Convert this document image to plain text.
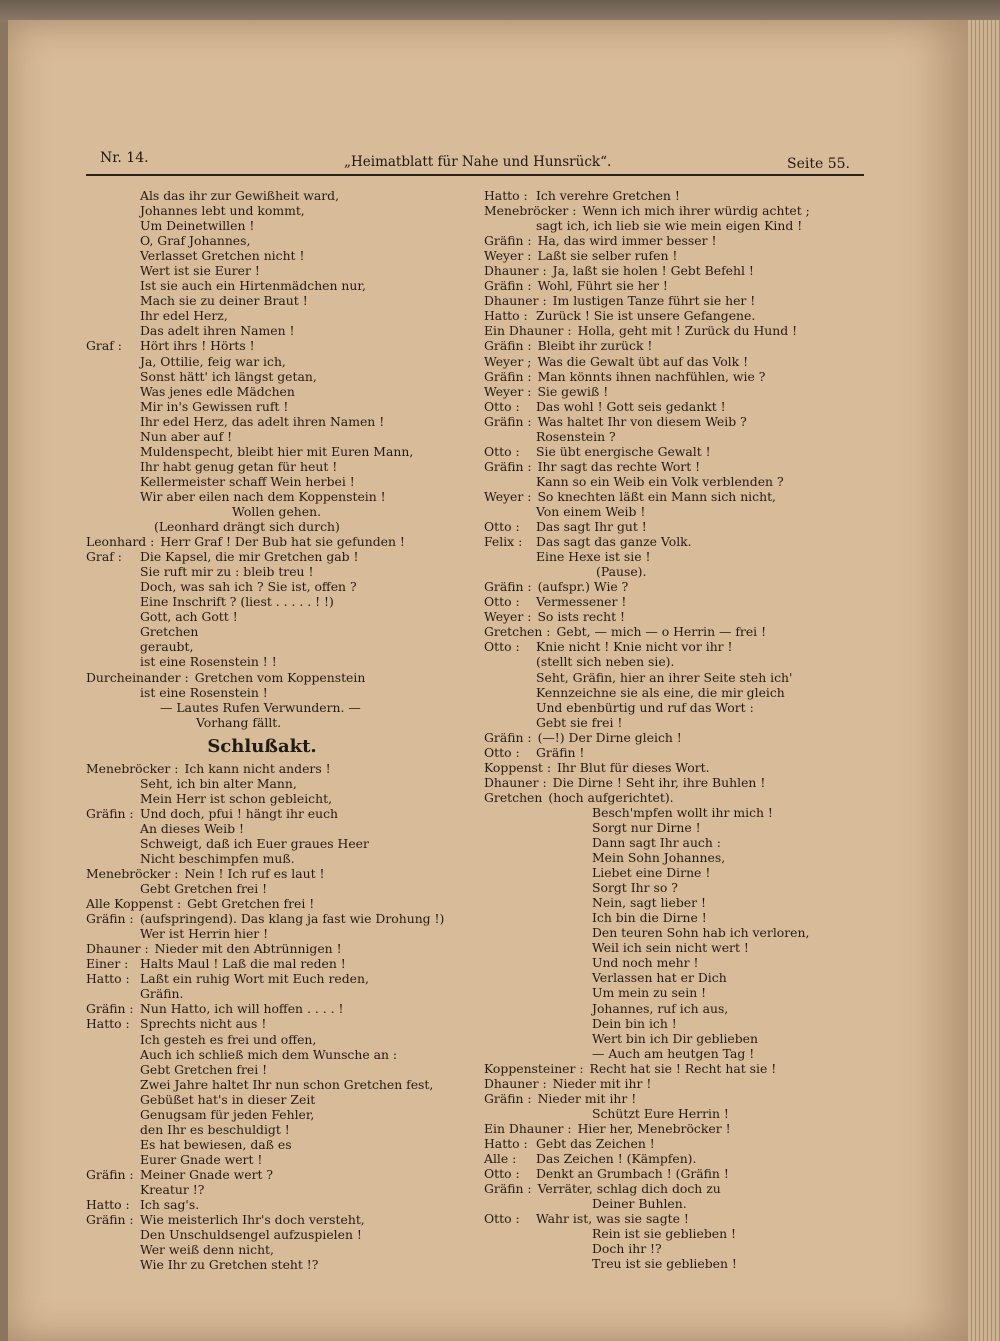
Nr. 14.	„Heimatblatt für Nahe und Hunsrück“.	Seite 55.
Als das ihr zur Gewißheit ward,
Johannes lebt und kommt,
Um Deinetwillen !
O, Graf Johannes,
Verlasset Gretchen nicht !
Wert ist sie Eurer !
Ist sie auch ein Hirtenmädchen nur,
Mach sie zu deiner Braut !
Ihr edel Herz,
Das adelt ihren Namen !
Graf : Hört ihrs ! Hörts !
Ja, Ottilie, feig war ich,
Sonst hätt' ich längst getan,
Was jenes edle Mädchen
Mir in's Gewissen ruft !
Ihr edel Herz, das adelt ihren Namen !
Nun aber auf !
Muldenspecht, bleibt hier mit Euren Mann,
Ihr habt genug getan für heut !
Kellermeister schaff Wein herbei !
Wir aber eilen nach dem Koppenstein !
Wollen gehen.
(Leonhard drängt sich durch)
Leonhard : Herr Graf ! Der Bub hat sie gefunden !
Graf : Die Kapsel, die mir Gretchen gab !
Sie ruft mir zu : bleib treu !
Doch, was sah ich ? Sie ist, offen ?
Eine Inschrift ? (liest . . . . . ! !)
Gott, ach Gott !
Gretchen
geraubt,
ist eine Rosenstein ! !
Durcheinander : Gretchen vom Koppenstein
ist eine Rosenstein !
— Lautes Rufen Verwundern. —
Vorhang fällt.
Schlußakt.
Menebröcker : Ich kann nicht anders !
Seht, ich bin alter Mann,
Mein Herr ist schon gebleicht,
Gräfin : Und doch, pfui ! hängt ihr euch
An dieses Weib !
Schweigt, daß ich Euer graues Heer
Nicht beschimpfen muß.
Menebröcker : Nein ! Ich ruf es laut !
Gebt Gretchen frei !
Alle Koppenst : Gebt Gretchen frei !
Gräfin : (aufspringend). Das klang ja fast wie Drohung !)
Wer ist Herrin hier !
Dhauner : Nieder mit den Abtrünnigen !
Einer : Halts Maul ! Laß die mal reden !
Hatto : Laßt ein ruhig Wort mit Euch reden,
Gräfin.
Gräfin : Nun Hatto, ich will hoffen . . . . !
Hatto : Sprechts nicht aus !
Ich gesteh es frei und offen,
Auch ich schließ mich dem Wunsche an :
Gebt Gretchen frei !
Zwei Jahre haltet Ihr nun schon Gretchen fest,
Gebüßet hat's in dieser Zeit
Genugsam für jeden Fehler,
den Ihr es beschuldigt !
Es hat bewiesen, daß es
Eurer Gnade wert !
Gräfin : Meiner Gnade wert ?
Kreatur !?
Hatto : Ich sag's.
Gräfin : Wie meisterlich Ihr's doch versteht,
Den Unschuldsengel aufzuspielen !
Wer weiß denn nicht,
Wie Ihr zu Gretchen steht !?
Hatto : Ich verehre Gretchen !
Menebröcker : Wenn ich mich ihrer würdig achtet ;
sagt ich, ich lieb sie wie mein eigen Kind !
Gräfin : Ha, das wird immer besser !
Weyer : Laßt sie selber rufen !
Dhauner : Ja, laßt sie holen ! Gebt Befehl !
Gräfin : Wohl, Führt sie her !
Dhauner : Im lustigen Tanze führt sie her !
Hatto : Zurück ! Sie ist unsere Gefangene.
Ein Dhauner : Holla, geht mit ! Zurück du Hund !
Gräfin : Bleibt ihr zurück !
Weyer ; Was die Gewalt übt auf das Volk !
Gräfin : Man könnts ihnen nachfühlen, wie ?
Weyer : Sie gewiß !
Otto : Das wohl ! Gott seis gedankt !
Gräfin : Was haltet Ihr von diesem Weib ?
Rosenstein ?
Otto : Sie übt energische Gewalt !
Gräfin : Ihr sagt das rechte Wort !
Kann so ein Weib ein Volk verblenden ?
Weyer : So knechten läßt ein Mann sich nicht,
Von einem Weib !
Otto : Das sagt Ihr gut !
Felix : Das sagt das ganze Volk.
Eine Hexe ist sie !
(Pause).
Gräfin : (aufspr.) Wie ?
Otto : Vermessener !
Weyer : So ists recht !
Gretchen : Gebt, — mich — o Herrin — frei !
Otto : Knie nicht ! Knie nicht vor ihr !
(stellt sich neben sie).
Seht, Gräfin, hier an ihrer Seite steh ich'
Kennzeichne sie als eine, die mir gleich
Und ebenbürtig und ruf das Wort :
Gebt sie frei !
Gräfin : (—!) Der Dirne gleich !
Otto : Gräfin !
Koppenst : Ihr Blut für dieses Wort.
Dhauner : Die Dirne ! Seht ihr, ihre Buhlen !
Gretchen (hoch aufgerichtet).
Besch'mpfen wollt ihr mich !
Sorgt nur Dirne !
Dann sagt Ihr auch :
Mein Sohn Johannes,
Liebet eine Dirne !
Sorgt Ihr so ?
Nein, sagt lieber !
Ich bin die Dirne !
Den teuren Sohn hab ich verloren,
Weil ich sein nicht wert !
Und noch mehr !
Verlassen hat er Dich
Um mein zu sein !
Johannes, ruf ich aus,
Dein bin ich !
Wert bin ich Dir geblieben
— Auch am heutgen Tag !
Koppensteiner : Recht hat sie ! Recht hat sie !
Dhauner : Nieder mit ihr !
Gräfin : Nieder mit ihr !
Schützt Eure Herrin !
Ein Dhauner : Hier her, Menebröcker !
Hatto : Gebt das Zeichen !
Alle : Das Zeichen ! (Kämpfen).
Otto : Denkt an Grumbach ! (Gräfin !
Gräfin : Verräter, schlag dich doch zu
Deiner Buhlen.
Otto : Wahr ist, was sie sagte !
Rein ist sie geblieben !
Doch ihr !?
Treu ist sie geblieben !
